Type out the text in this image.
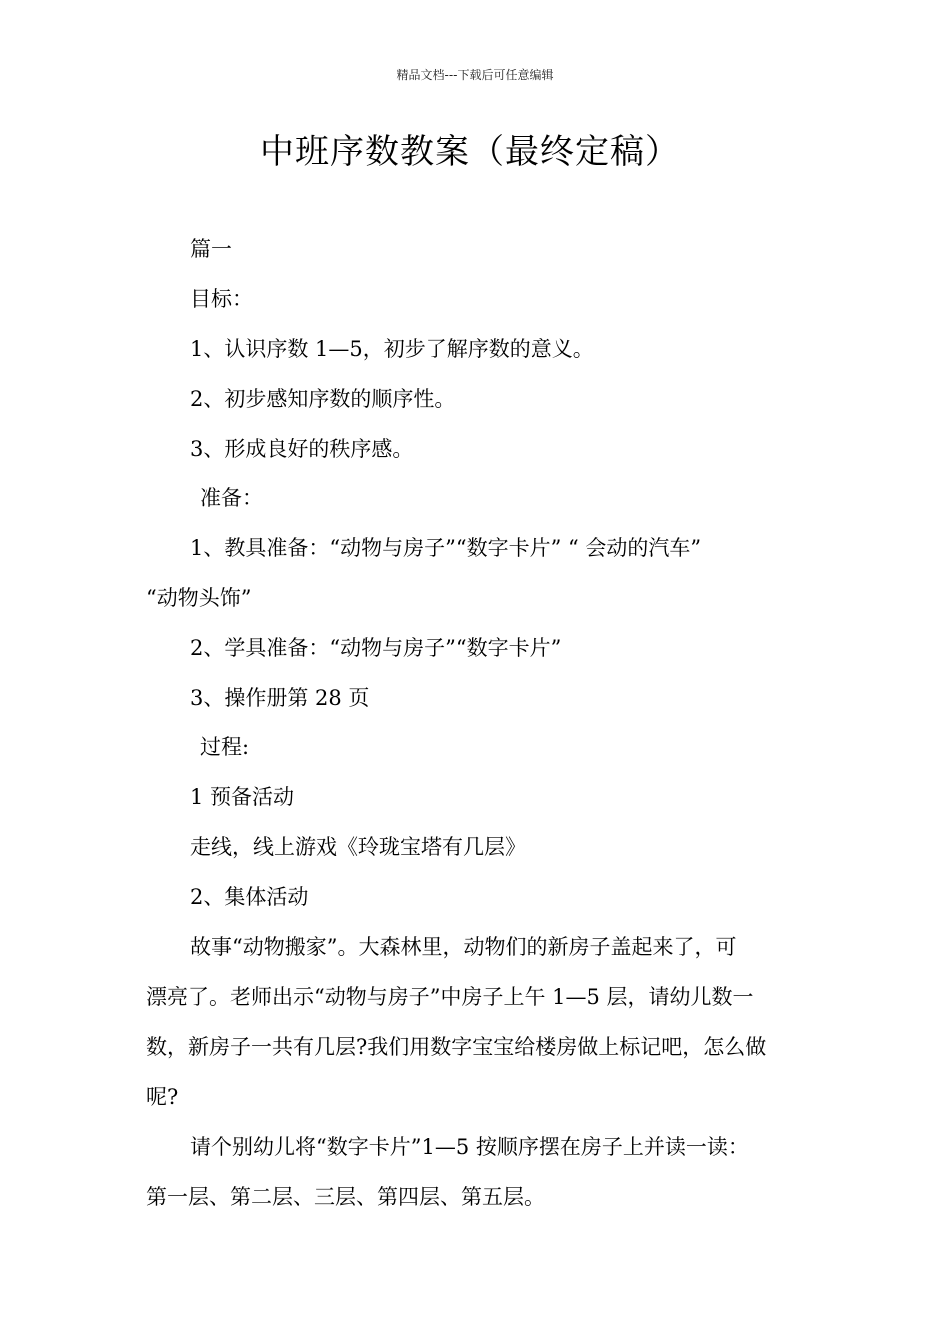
精品文档---下载后可任意编辑
中班序数教案（最终定稿）
篇一
目标：
1、认识序数 1—5，初步了解序数的意义。
2、初步感知序数的顺序性。
3、形成良好的秩序感。
准备：
1、教具准备：“动物与房子”“数字卡片” “ 会动的汽车”
“动物头饰”
2、学具准备：“动物与房子”“数字卡片”
3、操作册第 28 页
过程:
1 预备活动
走线，线上游戏《玲珑宝塔有几层》
2、集体活动
故事“动物搬家”。大森林里，动物们的新房子盖起来了，可
漂亮了。老师出示“动物与房子”中房子上午 1—5 层，请幼儿数一
数，新房子一共有几层?我们用数字宝宝给楼房做上标记吧，怎么做
呢?
请个别幼儿将“数字卡片”1—5 按顺序摆在房子上并读一读：
第一层、第二层、三层、第四层、第五层。
